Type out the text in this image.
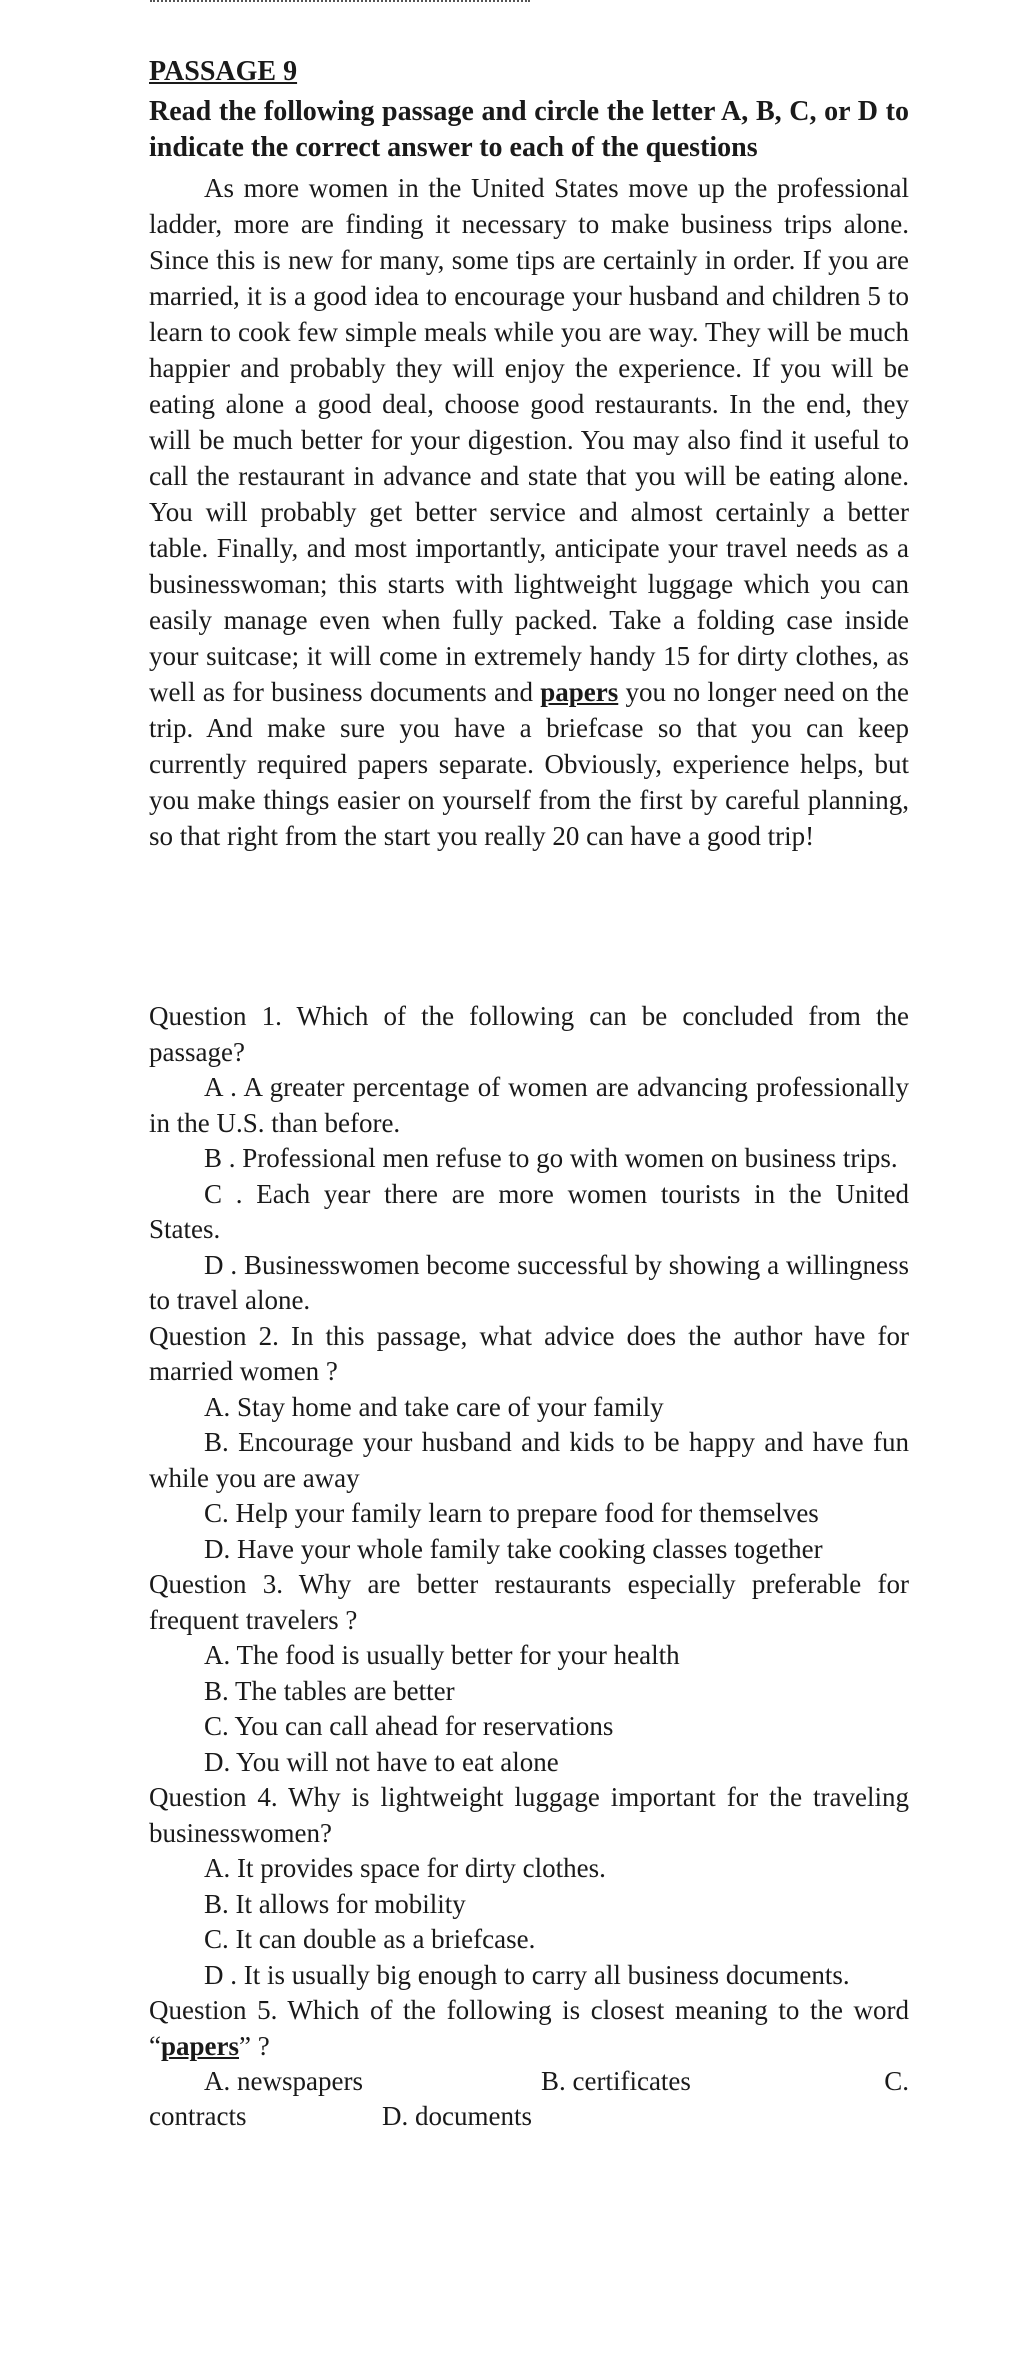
PASSAGE 9
Read the following passage and circle the letter A, B, C, or D to indicate the correct answer to each of the questions
As more women in the United States move up the professional ladder, more are finding it necessary to make business trips alone. Since this is new for many, some tips are certainly in order. If you are married, it is a good idea to encourage your husband and children 5 to learn to cook few simple meals while you are way. They will be much happier and probably they will enjoy the experience. If you will be eating alone a good deal, choose good restaurants. In the end, they will be much better for your digestion. You may also find it useful to call the restaurant in advance and state that you will be eating alone. You will probably get better service and almost certainly a better table. Finally, and most importantly, anticipate your travel needs as a businesswoman; this starts with lightweight luggage which you can easily manage even when fully packed. Take a folding case inside your suitcase; it will come in extremely handy 15 for dirty clothes, as well as for business documents and papers you no longer need on the trip. And make sure you have a briefcase so that you can keep currently required papers separate. Obviously, experience helps, but you make things easier on yourself from the first by careful planning, so that right from the start you really 20 can have a good trip!

Question 1. Which of the following can be concluded from the passage?

A . A greater percentage of women are advancing professionally in the U.S. than before.

B . Professional men refuse to go with women on business trips.

C . Each year there are more women tourists in the United States.

D . Businesswomen become successful by showing a willingness to travel alone.

Question 2. In this passage, what advice does the author have for married women ?

A. Stay home and take care of your family

B. Encourage your husband and kids to be happy and have fun while you are away

C. Help your family learn to prepare food for themselves

D. Have your whole family take cooking classes together

Question 3. Why are better restaurants especially preferable for frequent travelers ?

A. The food is usually better for your health

B. The tables are better

C. You can call ahead for reservations

D. You will not have to eat alone

Question 4. Why is lightweight luggage important for the traveling businesswomen?

A. It provides space for dirty clothes.

B. It allows for mobility

C. It can double as a briefcase.

D . It is usually big enough to carry all business documents.

Question 5. Which of the following is closest meaning to the word “papers” ?

A. newspapers	B. certificates	C.
contracts	D. documents
